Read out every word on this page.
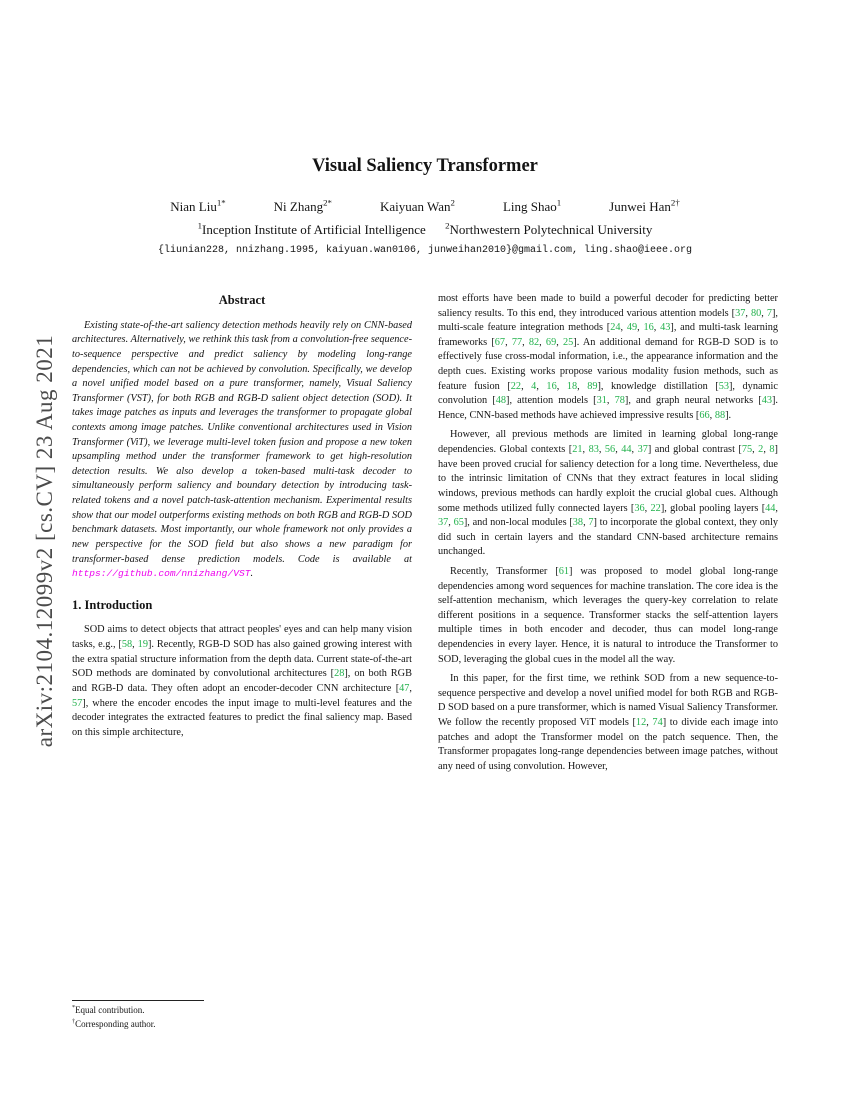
arXiv:2104.12099v2 [cs.CV] 23 Aug 2021
Visual Saliency Transformer
Nian Liu$^{1*}$	Ni Zhang$^{2*}$	Kaiyuan Wan$^2$	Ling Shao$^1$	Junwei Han$^{2\dagger}$
$^1$Inception Institute of Artificial Intelligence $^2$Northwestern Polytechnical University
{liunian228, nnizhang.1995, kaiyuan.wan0106, junweihan2010}@gmail.com, ling.shao@ieee.org
Abstract

Existing state-of-the-art saliency detection methods heavily rely on CNN-based architectures. Alternatively, we rethink this task from a convolution-free sequence-to-sequence perspective and predict saliency by modeling long-range dependencies, which can not be achieved by convolution. Specifically, we develop a novel unified model based on a pure transformer, namely, Visual Saliency Transformer (VST), for both RGB and RGB-D salient object detection (SOD). It takes image patches as inputs and leverages the transformer to propagate global contexts among image patches. Unlike conventional architectures used in Vision Transformer (ViT), we leverage multi-level token fusion and propose a new token upsampling method under the transformer framework to get high-resolution detection results. We also develop a token-based multi-task decoder to simultaneously perform saliency and boundary detection by introducing task-related tokens and a novel patch-task-attention mechanism. Experimental results show that our model outperforms existing methods on both RGB and RGB-D SOD benchmark datasets. Most importantly, our whole framework not only provides a new perspective for the SOD field but also shows a new paradigm for transformer-based dense prediction models. Code is available at https://github.com/nnizhang/VST.

1. Introduction

SOD aims to detect objects that attract peoples' eyes and can help many vision tasks, e.g., [58, 19]. Recently, RGB-D SOD has also gained growing interest with the extra spatial structure information from the depth data. Current state-of-the-art SOD methods are dominated by convolutional architectures [28], on both RGB and RGB-D data. They often adopt an encoder-decoder CNN architecture [47, 57], where the encoder encodes the input image to multi-level features and the decoder integrates the extracted features to predict the final saliency map. Based on this simple architecture,

most efforts have been made to build a powerful decoder for predicting better saliency results. To this end, they introduced various attention models [37, 80, 7], multi-scale feature integration methods [24, 49, 16, 43], and multi-task learning frameworks [67, 77, 82, 69, 25]. An additional demand for RGB-D SOD is to effectively fuse cross-modal information, i.e., the appearance information and the depth cues. Existing works propose various modality fusion methods, such as feature fusion [22, 4, 16, 18, 89], knowledge distillation [53], dynamic convolution [48], attention models [31, 78], and graph neural networks [43]. Hence, CNN-based methods have achieved impressive results [66, 88].

However, all previous methods are limited in learning global long-range dependencies. Global contexts [21, 83, 56, 44, 37] and global contrast [75, 2, 8] have been proved crucial for saliency detection for a long time. Nevertheless, due to the intrinsic limitation of CNNs that they extract features in local sliding windows, previous methods can hardly exploit the crucial global cues. Although some methods utilized fully connected layers [36, 22], global pooling layers [44, 37, 65], and non-local modules [38, 7] to incorporate the global context, they only did such in certain layers and the standard CNN-based architecture remains unchanged.

Recently, Transformer [61] was proposed to model global long-range dependencies among word sequences for machine translation. The core idea is the self-attention mechanism, which leverages the query-key correlation to relate different positions in a sequence. Transformer stacks the self-attention layers multiple times in both encoder and decoder, thus can model long-range dependencies in every layer. Hence, it is natural to introduce the Transformer to SOD, leveraging the global cues in the model all the way.

In this paper, for the first time, we rethink SOD from a new sequence-to-sequence perspective and develop a novel unified model for both RGB and RGB-D SOD based on a pure transformer, which is named Visual Saliency Transformer. We follow the recently proposed ViT models [12, 74] to divide each image into patches and adopt the Transformer model on the patch sequence. Then, the Transformer propagates long-range dependencies between image patches, without any need of using convolution. However,

*Equal contribution.
†Corresponding author.
